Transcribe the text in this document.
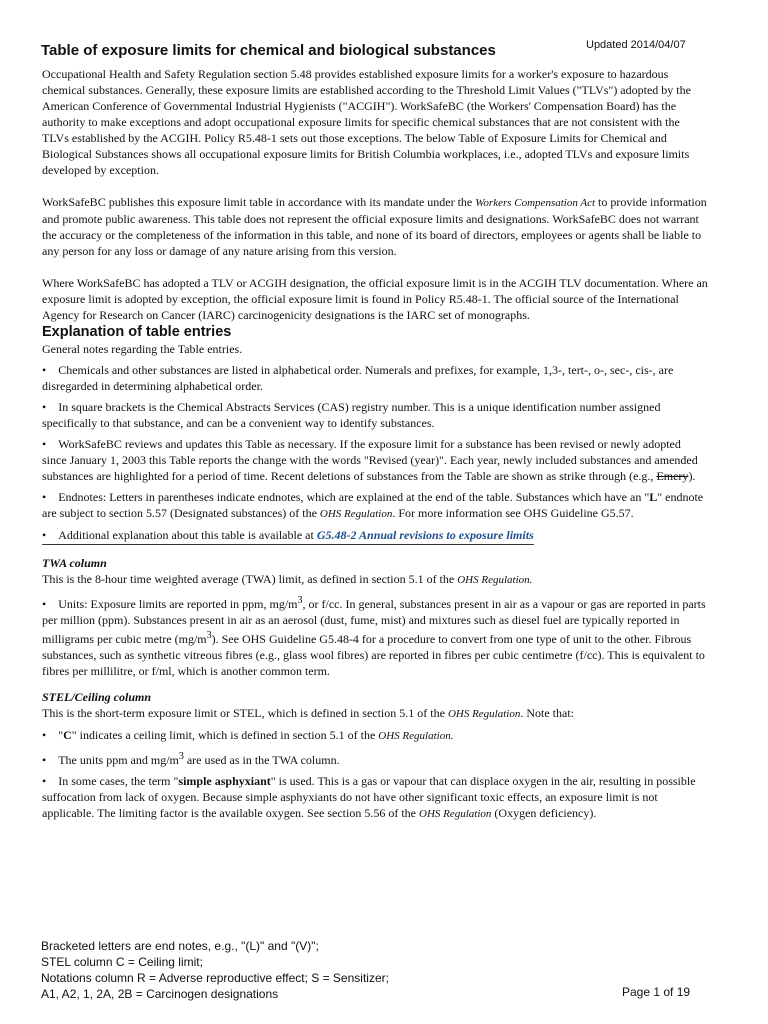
Updated 2014/04/07
Table of exposure limits for chemical and biological substances

Occupational Health and Safety Regulation section 5.48 provides established exposure limits for a worker's exposure to hazardous chemical substances. Generally, these exposure limits are established according to the Threshold Limit Values ("TLVs") adopted by the American Conference of Governmental Industrial Hygienists ("ACGIH"). WorkSafeBC (the Workers' Compensation Board) has the authority to make exceptions and adopt occupational exposure limits for specific chemical substances that are not consistent with the TLVs established by the ACGIH. Policy R5.48-1 sets out those exceptions. The below Table of Exposure Limits for Chemical and Biological Substances shows all occupational exposure limits for British Columbia workplaces, i.e., adopted TLVs and exposure limits developed by exception.

WorkSafeBC publishes this exposure limit table in accordance with its mandate under the Workers Compensation Act to provide information and promote public awareness. This table does not represent the official exposure limits and designations. WorkSafeBC does not warrant the accuracy or the completeness of the information in this table, and none of its board of directors, employees or agents shall be liable to any person for any loss or damage of any nature arising from this version.

Where WorkSafeBC has adopted a TLV or ACGIH designation, the official exposure limit is in the ACGIH TLV documentation. Where an exposure limit is adopted by exception, the official exposure limit is found in Policy R5.48-1. The official source of the International Agency for Research on Cancer (IARC) carcinogenicity designations is the IARC set of monographs.

Explanation of table entries

General notes regarding the Table entries.

• Chemicals and other substances are listed in alphabetical order. Numerals and prefixes, for example, 1,3-, tert-, o-, sec-, cis-, are disregarded in determining alphabetical order.

• In square brackets is the Chemical Abstracts Services (CAS) registry number. This is a unique identification number assigned specifically to that substance, and can be a convenient way to identify substances.

• WorkSafeBC reviews and updates this Table as necessary. If the exposure limit for a substance has been revised or newly adopted since January 1, 2003 this Table reports the change with the words "Revised (year)". Each year, newly included substances and amended substances are highlighted for a period of time. Recent deletions of substances from the Table are shown as strike through (e.g., Emery).

• Endnotes: Letters in parentheses indicate endnotes, which are explained at the end of the table. Substances which have an "L" endnote are subject to section 5.57 (Designated substances) of the OHS Regulation. For more information see OHS Guideline G5.57.

• Additional explanation about this table is available at G5.48-2 Annual revisions to exposure limits

TWA column

This is the 8-hour time weighted average (TWA) limit, as defined in section 5.1 of the OHS Regulation.

• Units: Exposure limits are reported in ppm, $mg/m^3$, or f/cc. In general, substances present in air as a vapour or gas are reported in parts per million (ppm). Substances present in air as an aerosol (dust, fume, mist) and mixtures such as diesel fuel are typically reported in milligrams per cubic metre $(mg/m^3)$. See OHS Guideline G5.48-4 for a procedure to convert from one type of unit to the other. Fibrous substances, such as synthetic vitreous fibres (e.g., glass wool fibres) are reported in fibres per cubic centimetre (f/cc). This is equivalent to fibres per millilitre, or f/ml, which is another common term.

STEL/Ceiling column

This is the short-term exposure limit or STEL, which is defined in section 5.1 of the OHS Regulation. Note that:

• "C" indicates a ceiling limit, which is defined in section 5.1 of the OHS Regulation.

• The units ppm and $mg/m^3$ are used as in the TWA column.

• In some cases, the term "simple asphyxiant" is used. This is a gas or vapour that can displace oxygen in the air, resulting in possible suffocation from lack of oxygen. Because simple asphyxiants do not have other significant toxic effects, an exposure limit is not applicable. The limiting factor is the available oxygen. See section 5.56 of the OHS Regulation (Oxygen deficiency).

Bracketed letters are end notes, e.g., "(L)" and "(V)";
STEL column C = Ceiling limit;
Notations column R = Adverse reproductive effect; S = Sensitizer;
A1, A2, 1, 2A, 2B = Carcinogen designations	Page 1 of 19
